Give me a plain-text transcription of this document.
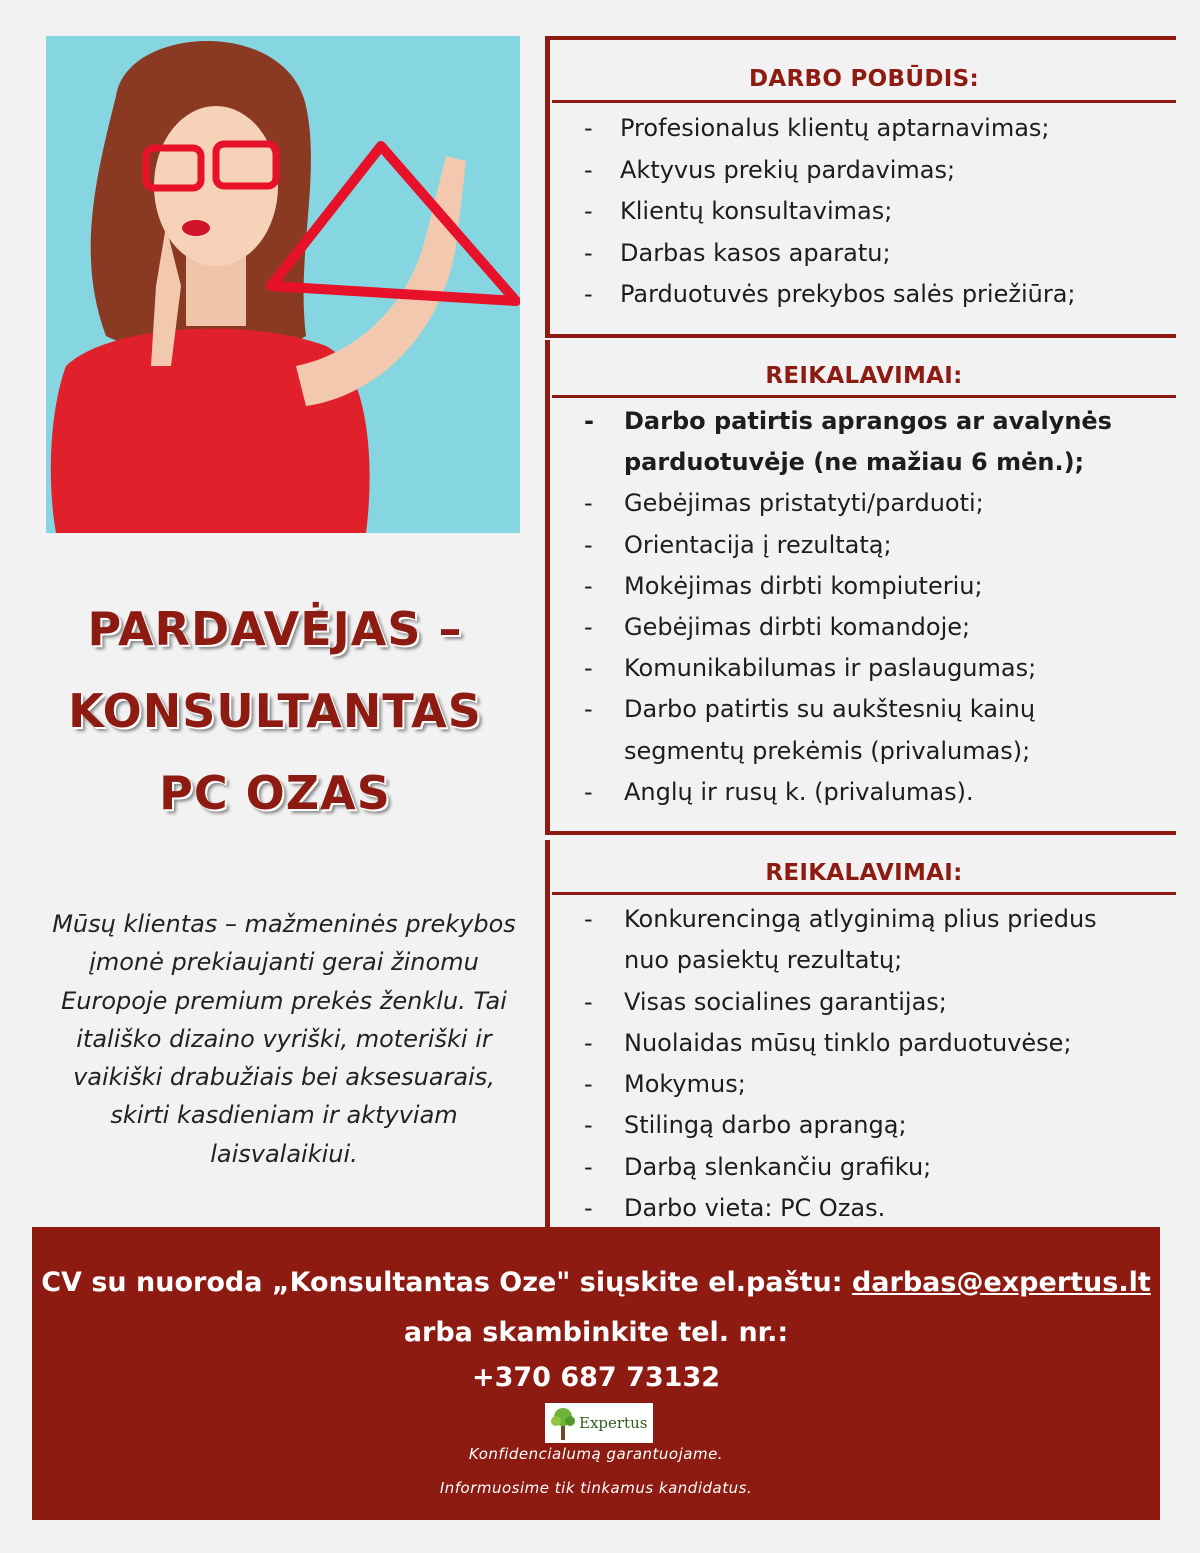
PARDAVĖJAS –
KONSULTANTAS
PC OZAS
Mūsų klientas – mažmeninės prekybos
įmonė prekiaujanti gerai žinomu
Europoje premium prekės ženklu. Tai
itališko dizaino vyriški, moteriški ir
vaikiški drabužiais bei aksesuarais,
skirti kasdieniam ir aktyviam
laisvalaikiui.
DARBO POBŪDIS:
- Profesionalus klientų aptarnavimas;
- Aktyvus prekių pardavimas;
- Klientų konsultavimas;
- Darbas kasos aparatu;
- Parduotuvės prekybos salės priežiūra;
REIKALAVIMAI:
- Darbo patirtis aprangos ar avalynės
parduotuvėje (ne mažiau 6 mėn.);
- Gebėjimas pristatyti/parduoti;
- Orientacija į rezultatą;
- Mokėjimas dirbti kompiuteriu;
- Gebėjimas dirbti komandoje;
- Komunikabilumas ir paslaugumas;
- Darbo patirtis su aukštesnių kainų
segmentų prekėmis (privalumas);
- Anglų ir rusų k. (privalumas).
REIKALAVIMAI:
- Konkurencingą atlyginimą plius priedus
nuo pasiektų rezultatų;
- Visas socialines garantijas;
- Nuolaidas mūsų tinklo parduotuvėse;
- Mokymus;
- Stilingą darbo aprangą;
- Darbą slenkančiu grafiku;
- Darbo vieta: PC Ozas.
CV su nuoroda „Konsultantas Oze" siųskite el.paštu: darbas@expertus.lt
arba skambinkite tel. nr.:
+370 687 73132
Expertus
Konfidencialumą garantuojame.
Informuosime tik tinkamus kandidatus.
